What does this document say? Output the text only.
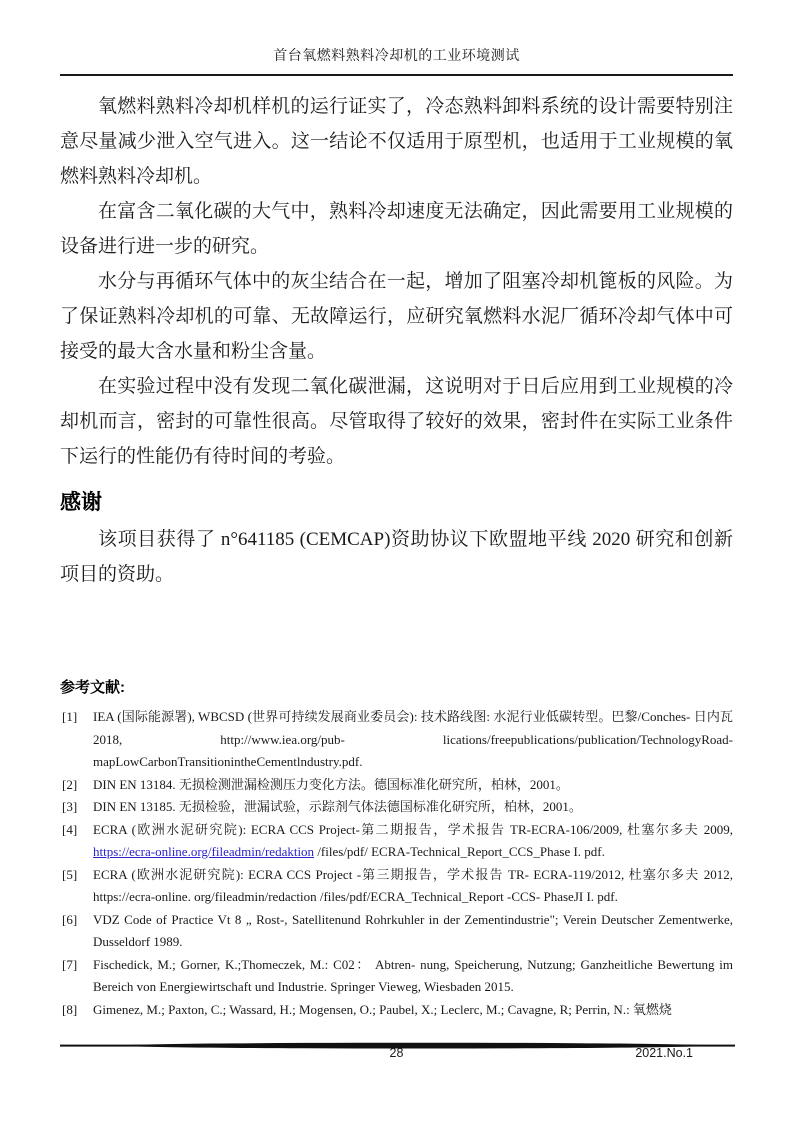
首台氧燃料熟料冷却机的工业环境测试

氧燃料熟料冷却机样机的运行证实了，冷态熟料卸料系统的设计需要特别注意尽量减少泄入空气进入。这一结论不仅适用于原型机，也适用于工业规模的氧燃料熟料冷却机。

在富含二氧化碳的大气中，熟料冷却速度无法确定，因此需要用工业规模的设备进行进一步的研究。

水分与再循环气体中的灰尘结合在一起，增加了阻塞冷却机篦板的风险。为了保证熟料冷却机的可靠、无故障运行，应研究氧燃料水泥厂循环冷却气体中可接受的最大含水量和粉尘含量。

在实验过程中没有发现二氧化碳泄漏，这说明对于日后应用到工业规模的冷却机而言，密封的可靠性很高。尽管取得了较好的效果，密封件在实际工业条件下运行的性能仍有待时间的考验。

感谢

该项目获得了 n°641185 (CEMCAP)资助协议下欧盟地平线 2020 研究和创新项目的资助。

参考文献:
[1] IEA (国际能源署), WBCSD (世界可持续发展商业委员会): 技术路线图: 水泥行业低碳转型。巴黎/Conches- 日内瓦 2018, http://www.iea.org/pub- lications/freepublications/publication/TechnologyRoad- mapLowCarbonTransitionintheCementlndustry.pdf.
[2] DIN EN 13184. 无损检测泄漏检测压力变化方法。德国标准化研究所，柏林，2001。
[3] DIN EN 13185. 无损检验，泄漏试验，示踪剂气体法德国标准化研究所，柏林，2001。
[4] ECRA (欧洲水泥研究院): ECRA CCS Project-第二期报告，学术报告 TR-ECRA-106/2009, 杜塞尔多夫 2009, https://ecra-online.org/fileadmin/redaktion /files/pdf/ ECRA-Technical_Report_CCS_Phase I. pdf.
[5] ECRA (欧洲水泥研究院): ECRA CCS Project -第三期报告，学术报告 TR- ECRA-119/2012, 杜塞尔多夫 2012, https://ecra-online. org/fileadmin/redaction /files/pdf/ECRA_Technical_Report -CCS- PhaseJI I. pdf.
[6] VDZ Code of Practice Vt 8 „ Rost-, Satellitenund Rohrkuhler in der Zementindustrie"; Verein Deutscher Zementwerke, Dusseldorf 1989.
[7] Fischedick, M.; Gorner, K.;Thomeczek, M.: C02： Abtren- nung, Speicherung, Nutzung; Ganzheitliche Bewertung im Bereich von Energiewirtschaft und Industrie. Springer Vieweg, Wiesbaden 2015.
[8] Gimenez, M.; Paxton, C.; Wassard, H.; Mogensen, O.; Paubel, X.; Leclerc, M.; Cavagne, R; Perrin, N.: 氧燃烧
28	2021.No.1
